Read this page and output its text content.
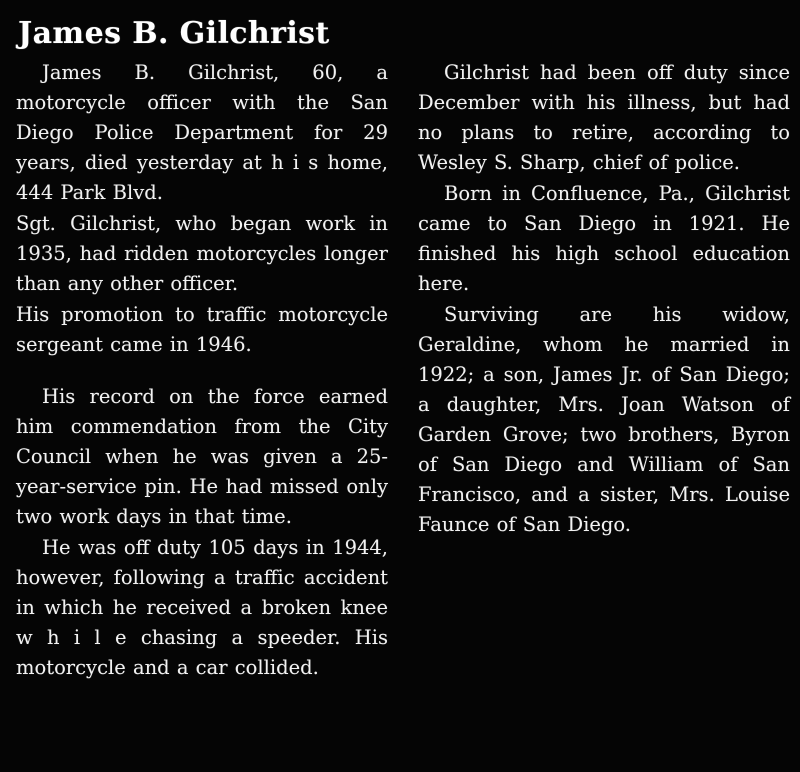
James B. Gilchrist

James B. Gilchrist, 60, a motorcycle officer with the San Diego Police Department for 29 years, died yesterday at h i s home, 444 Park Blvd.

Sgt. Gilchrist, who began work in 1935, had ridden motorcycles longer than any other officer.

His promotion to traffic motorcycle sergeant came in 1946.

His record on the force earned him commendation from the City Council when he was given a 25-year-service pin. He had missed only two work days in that time.

He was off duty 105 days in 1944, however, following a traffic accident in which he received a broken knee w h i l e chasing a speeder. His motorcycle and a car collided.

Gilchrist had been off duty since December with his illness, but had no plans to retire, according to Wesley S. Sharp, chief of police.

Born in Confluence, Pa., Gilchrist came to San Diego in 1921. He finished his high school education here.

Surviving are his widow, Geraldine, whom he married in 1922; a son, James Jr. of San Diego; a daughter, Mrs. Joan Watson of Garden Grove; two brothers, Byron of San Diego and William of San Francisco, and a sister, Mrs. Louise Faunce of San Diego.
